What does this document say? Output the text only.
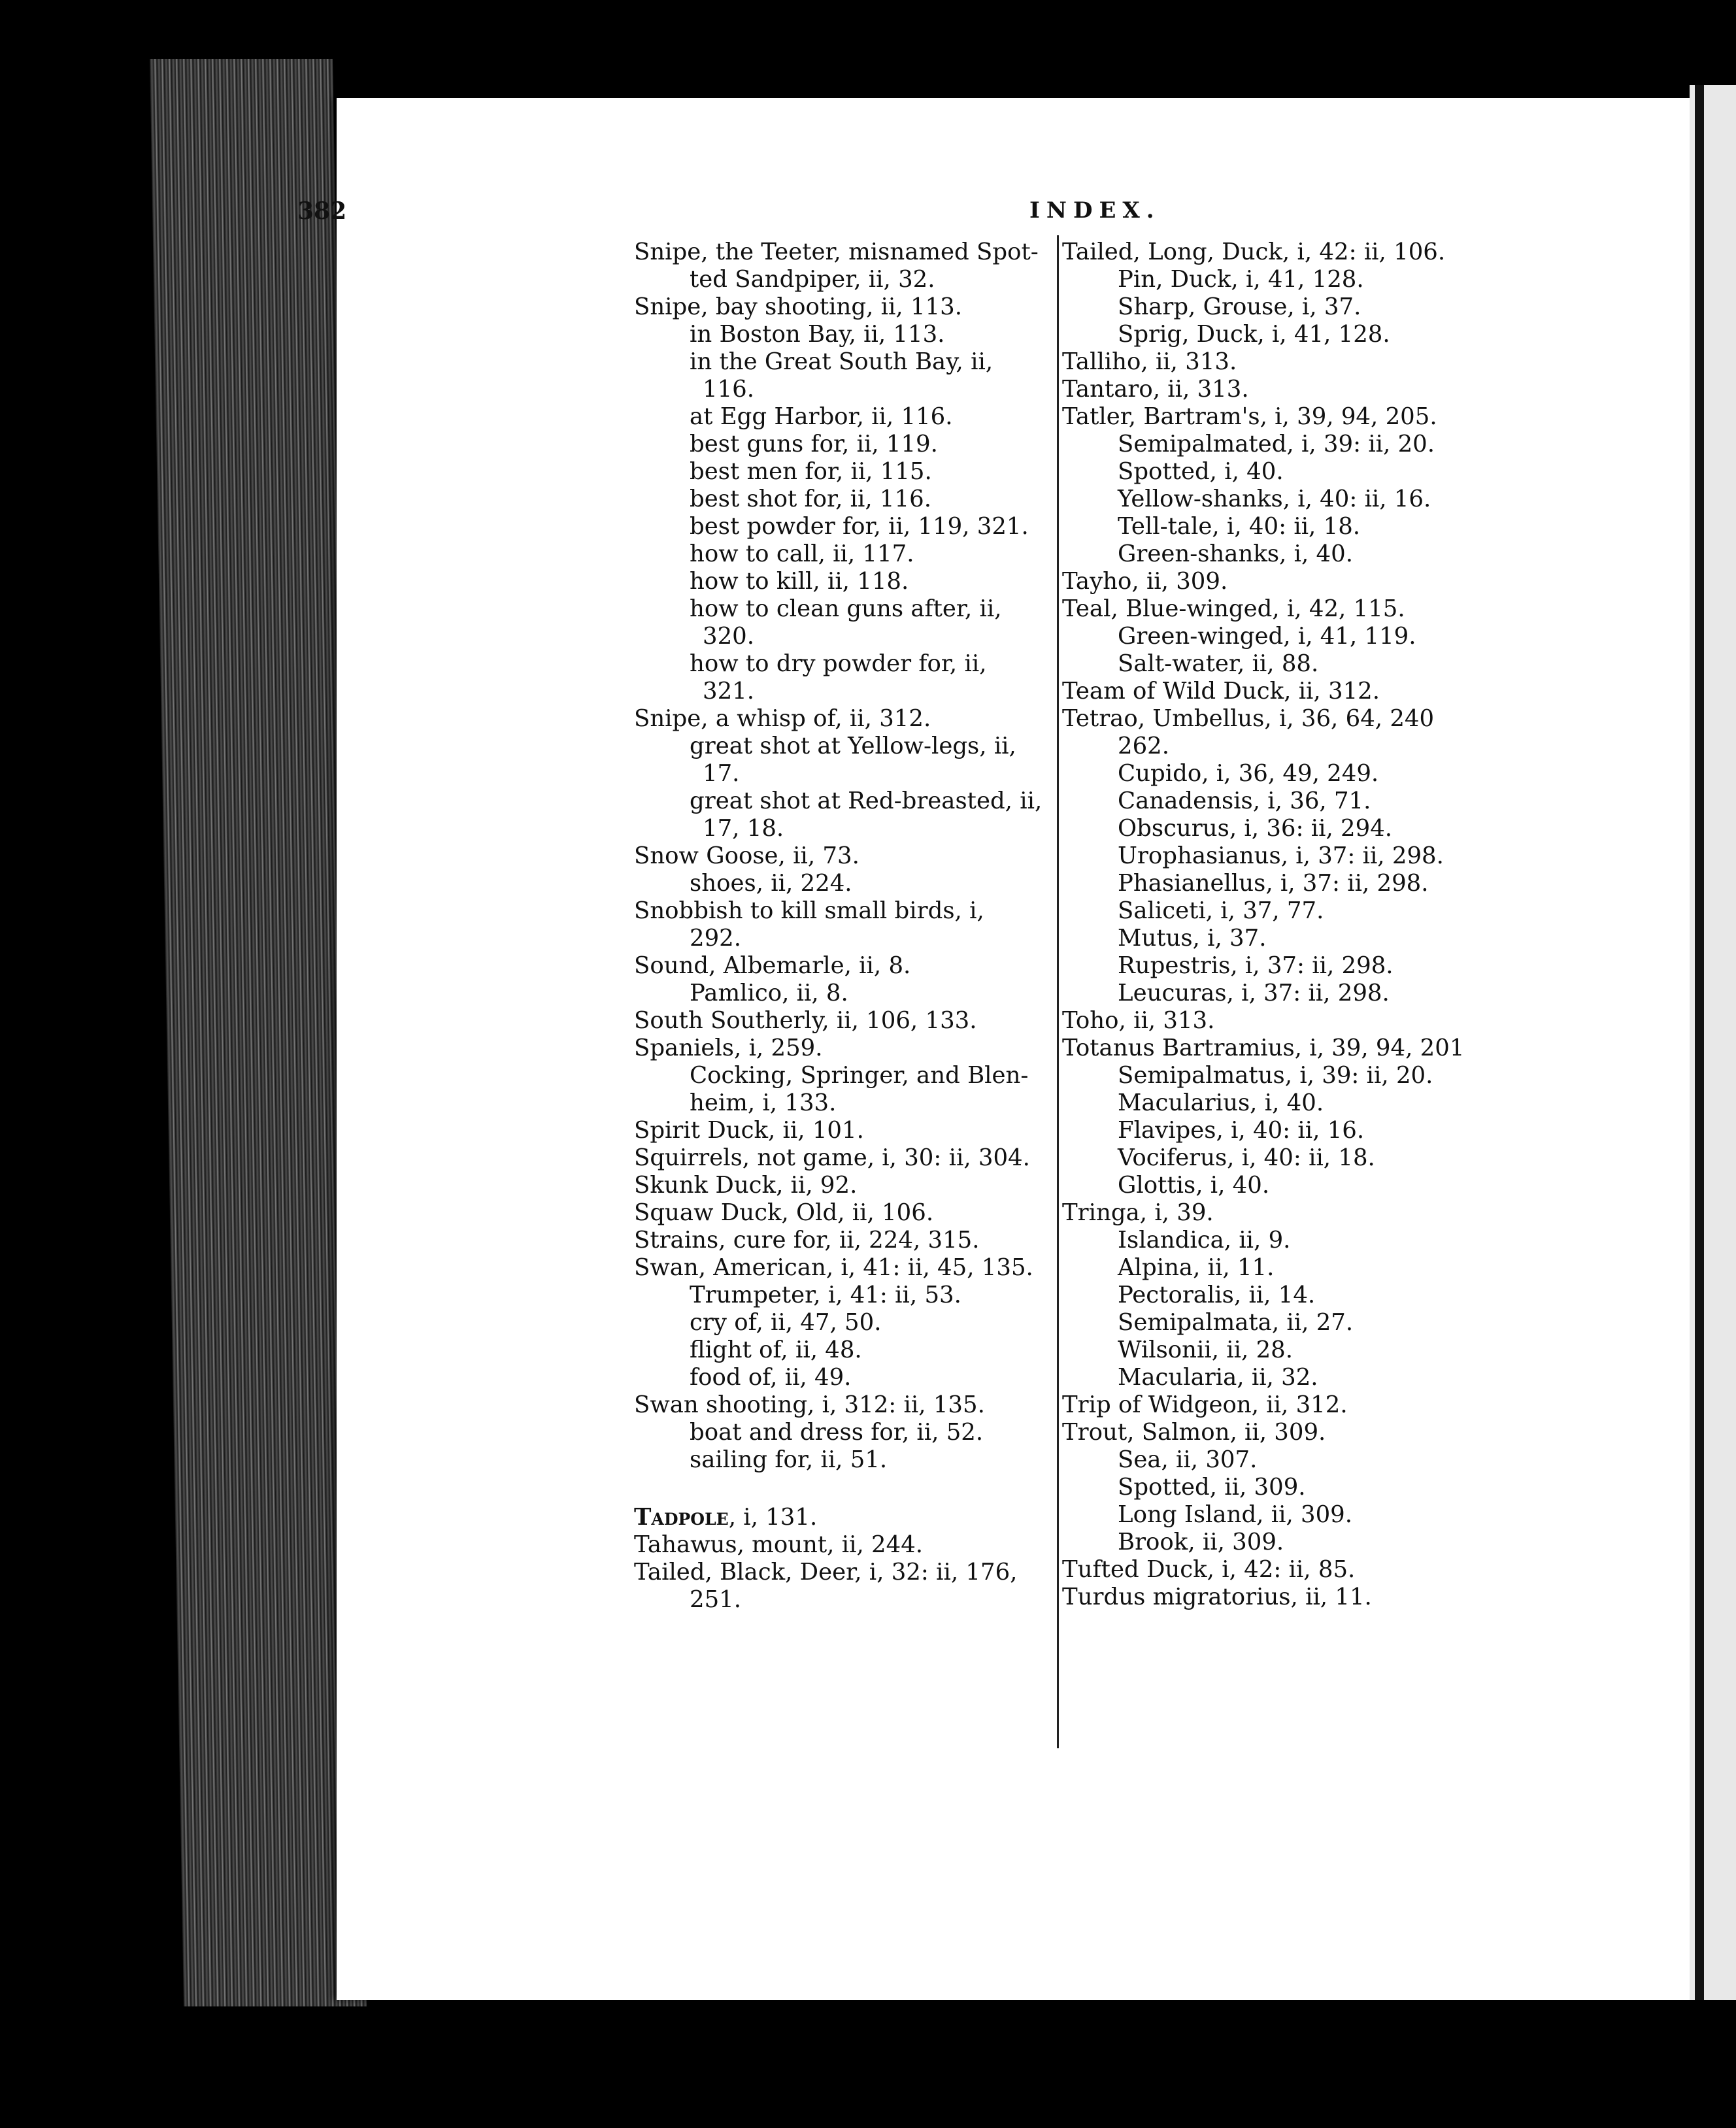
382	INDEX.
Snipe, the Teeter, misnamed Spot-
ted Sandpiper, ii, 32.
Snipe, bay shooting, ii, 113.
in Boston Bay, ii, 113.
in the Great South Bay, ii,
116.
at Egg Harbor, ii, 116.
best guns for, ii, 119.
best men for, ii, 115.
best shot for, ii, 116.
best powder for, ii, 119, 321.
how to call, ii, 117.
how to kill, ii, 118.
how to clean guns after, ii,
320.
how to dry powder for, ii,
321.
Snipe, a whisp of, ii, 312.
great shot at Yellow-legs, ii,
17.
great shot at Red-breasted, ii,
17, 18.
Snow Goose, ii, 73.
shoes, ii, 224.
Snobbish to kill small birds, i,
292.
Sound, Albemarle, ii, 8.
Pamlico, ii, 8.
South Southerly, ii, 106, 133.
Spaniels, i, 259.
Cocking, Springer, and Blen-
heim, i, 133.
Spirit Duck, ii, 101.
Squirrels, not game, i, 30: ii, 304.
Skunk Duck, ii, 92.
Squaw Duck, Old, ii, 106.
Strains, cure for, ii, 224, 315.
Swan, American, i, 41: ii, 45, 135.
Trumpeter, i, 41: ii, 53.
cry of, ii, 47, 50.
flight of, ii, 48.
food of, ii, 49.
Swan shooting, i, 312: ii, 135.
boat and dress for, ii, 52.
sailing for, ii, 51.
Tadpole, i, 131.
Tahawus, mount, ii, 244.
Tailed, Black, Deer, i, 32: ii, 176,
251.
Tailed, Long, Duck, i, 42: ii, 106.
Pin, Duck, i, 41, 128.
Sharp, Grouse, i, 37.
Sprig, Duck, i, 41, 128.
Talliho, ii, 313.
Tantaro, ii, 313.
Tatler, Bartram's, i, 39, 94, 205.
Semipalmated, i, 39: ii, 20.
Spotted, i, 40.
Yellow-shanks, i, 40: ii, 16.
Tell-tale, i, 40: ii, 18.
Green-shanks, i, 40.
Tayho, ii, 309.
Teal, Blue-winged, i, 42, 115.
Green-winged, i, 41, 119.
Salt-water, ii, 88.
Team of Wild Duck, ii, 312.
Tetrao, Umbellus, i, 36, 64, 240
262.
Cupido, i, 36, 49, 249.
Canadensis, i, 36, 71.
Obscurus, i, 36: ii, 294.
Urophasianus, i, 37: ii, 298.
Phasianellus, i, 37: ii, 298.
Saliceti, i, 37, 77.
Mutus, i, 37.
Rupestris, i, 37: ii, 298.
Leucuras, i, 37: ii, 298.
Toho, ii, 313.
Totanus Bartramius, i, 39, 94, 201
Semipalmatus, i, 39: ii, 20.
Macularius, i, 40.
Flavipes, i, 40: ii, 16.
Vociferus, i, 40: ii, 18.
Glottis, i, 40.
Tringa, i, 39.
Islandica, ii, 9.
Alpina, ii, 11.
Pectoralis, ii, 14.
Semipalmata, ii, 27.
Wilsonii, ii, 28.
Macularia, ii, 32.
Trip of Widgeon, ii, 312.
Trout, Salmon, ii, 309.
Sea, ii, 307.
Spotted, ii, 309.
Long Island, ii, 309.
Brook, ii, 309.
Tufted Duck, i, 42: ii, 85.
Turdus migratorius, ii, 11.
